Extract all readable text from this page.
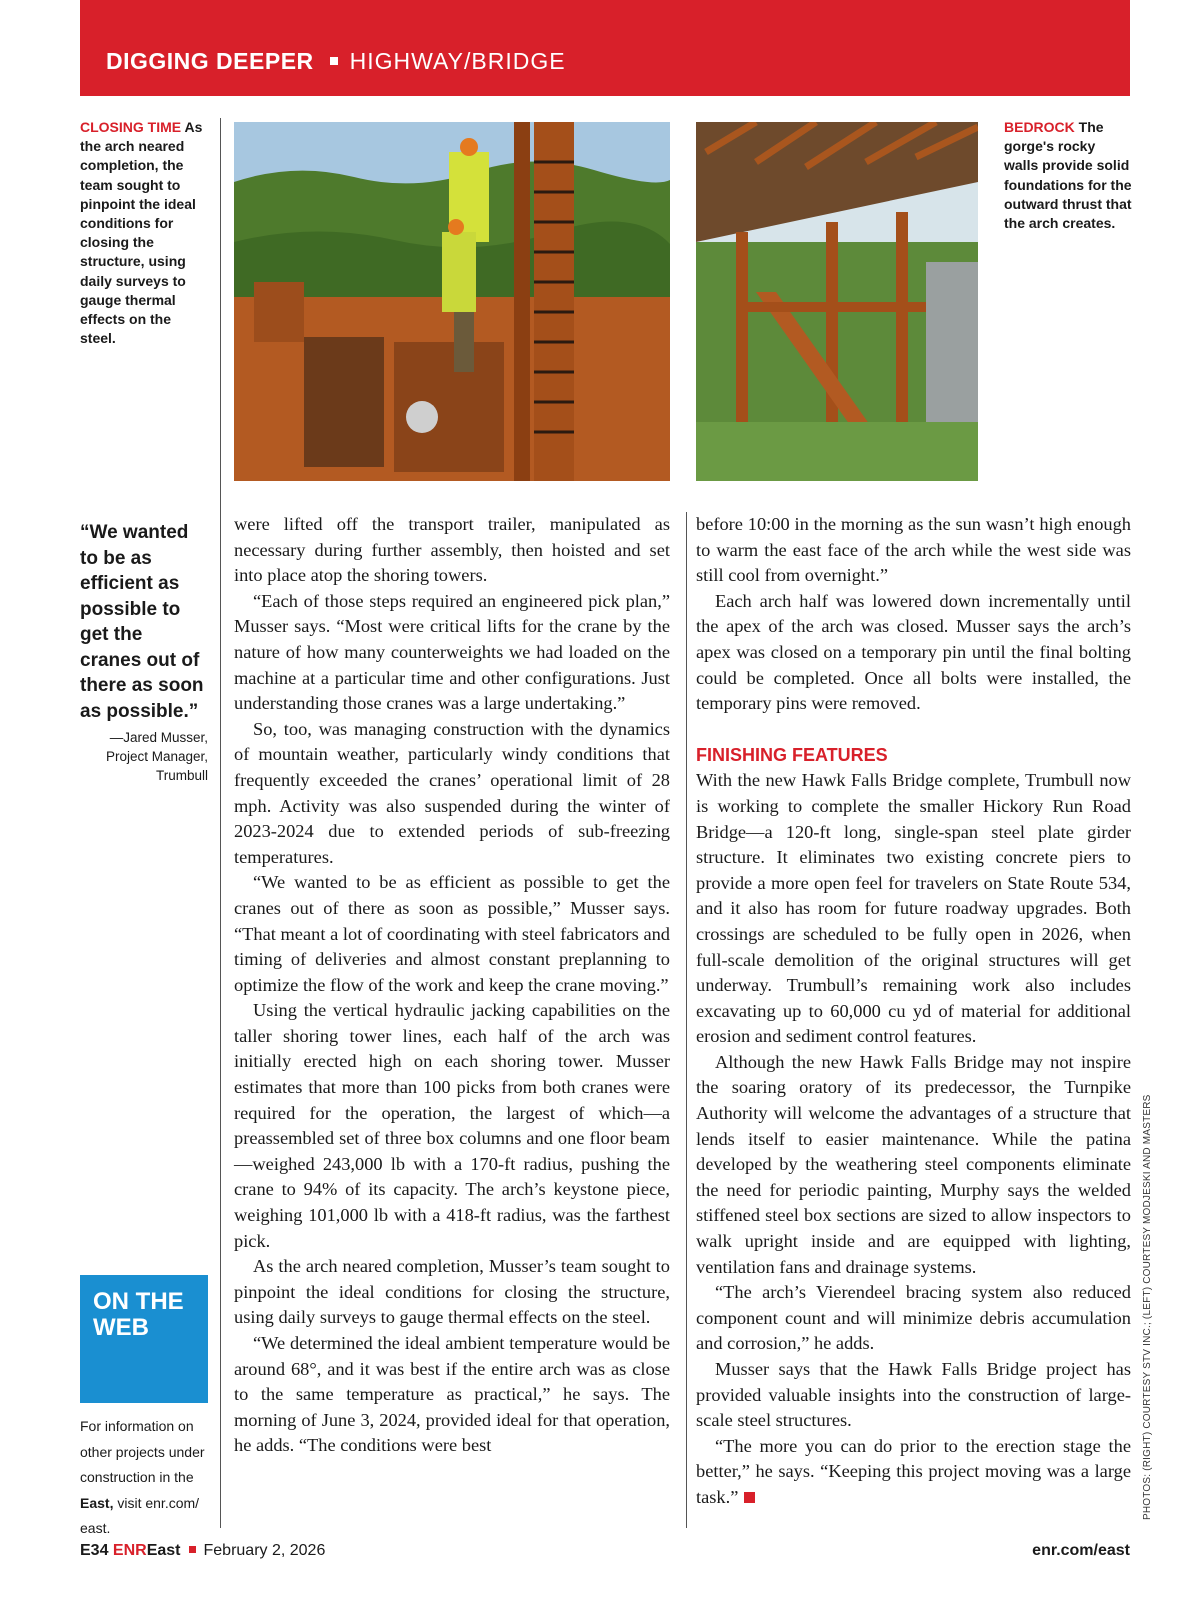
DIGGING DEEPER HIGHWAY/BRIDGE
CLOSING TIME As the arch neared completion, the team sought to pinpoint the ideal conditions for closing the structure, using daily surveys to gauge thermal effects on the steel.
BEDROCK The gorge's rocky walls provide solid foundations for the outward thrust that the arch creates.
“We wanted to be as efficient as possible to get the cranes out of there as soon as possible.”
—Jared Musser,
Project Manager,
Trumbull
ON THE
WEB
For information on other projects under construction in the East, visit enr.com/ east.

were lifted off the transport trailer, manipulated as necessary during further assembly, then hoisted and set into place atop the shoring towers.

“Each of those steps required an engineered pick plan,” Musser says. “Most were critical lifts for the crane by the nature of how many counterweights we had loaded on the machine at a particular time and other configurations. Just understanding those cranes was a large undertaking.”

So, too, was managing construction with the dynamics of mountain weather, particularly windy conditions that frequently exceeded the cranes’ operational limit of 28 mph. Activity was also suspended during the winter of 2023-2024 due to extended periods of sub-freezing temperatures.

“We wanted to be as efficient as possible to get the cranes out of there as soon as possible,” Musser says. “That meant a lot of coordinating with steel fabricators and timing of deliveries and almost constant preplanning to optimize the flow of the work and keep the crane moving.”

Using the vertical hydraulic jacking capabilities on the taller shoring tower lines, each half of the arch was initially erected high on each shoring tower. Musser estimates that more than 100 picks from both cranes were required for the operation, the largest of which—a preassembled set of three box columns and one floor beam—weighed 243,000 lb with a 170-ft radius, pushing the crane to 94% of its capacity. The arch’s keystone piece, weighing 101,000 lb with a 418-ft radius, was the farthest pick.

As the arch neared completion, Musser’s team sought to pinpoint the ideal conditions for closing the structure, using daily surveys to gauge thermal effects on the steel.

“We determined the ideal ambient temperature would be around 68°, and it was best if the entire arch was as close to the same temperature as practical,” he says. The morning of June 3, 2024, provided ideal for that operation, he adds. “The conditions were best

before 10:00 in the morning as the sun wasn’t high enough to warm the east face of the arch while the west side was still cool from overnight.”

Each arch half was lowered down incrementally until the apex of the arch was closed. Musser says the arch’s apex was closed on a temporary pin until the final bolting could be completed. Once all bolts were installed, the temporary pins were removed.

FINISHING FEATURES

With the new Hawk Falls Bridge complete, Trumbull now is working to complete the smaller Hickory Run Road Bridge—a 120-ft long, single-span steel plate girder structure. It eliminates two existing concrete piers to provide a more open feel for travelers on State Route 534, and it also has room for future roadway upgrades. Both crossings are scheduled to be fully open in 2026, when full-scale demolition of the original structures will get underway. Trumbull’s remaining work also includes excavating up to 60,000 cu yd of material for additional erosion and sediment control features.

Although the new Hawk Falls Bridge may not inspire the soaring oratory of its predecessor, the Turnpike Authority will welcome the advantages of a structure that lends itself to easier maintenance. While the patina developed by the weathering steel components eliminate the need for periodic painting, Murphy says the welded stiffened steel box sections are sized to allow inspectors to walk upright inside and are equipped with lighting, ventilation fans and drainage systems.

“The arch’s Vierendeel bracing system also reduced component count and will minimize debris accumulation and corrosion,” he adds.

Musser says that the Hawk Falls Bridge project has provided valuable insights into the construction of large-scale steel structures.

“The more you can do prior to the erection stage the better,” he says. “Keeping this project moving was a large task.”	PHOTOS: (RIGHT) COURTESY STV INC.; (LEFT) COURTESY MODJESKI AND MASTERS
E34 ENREast February 2, 2026	enr.com/east
